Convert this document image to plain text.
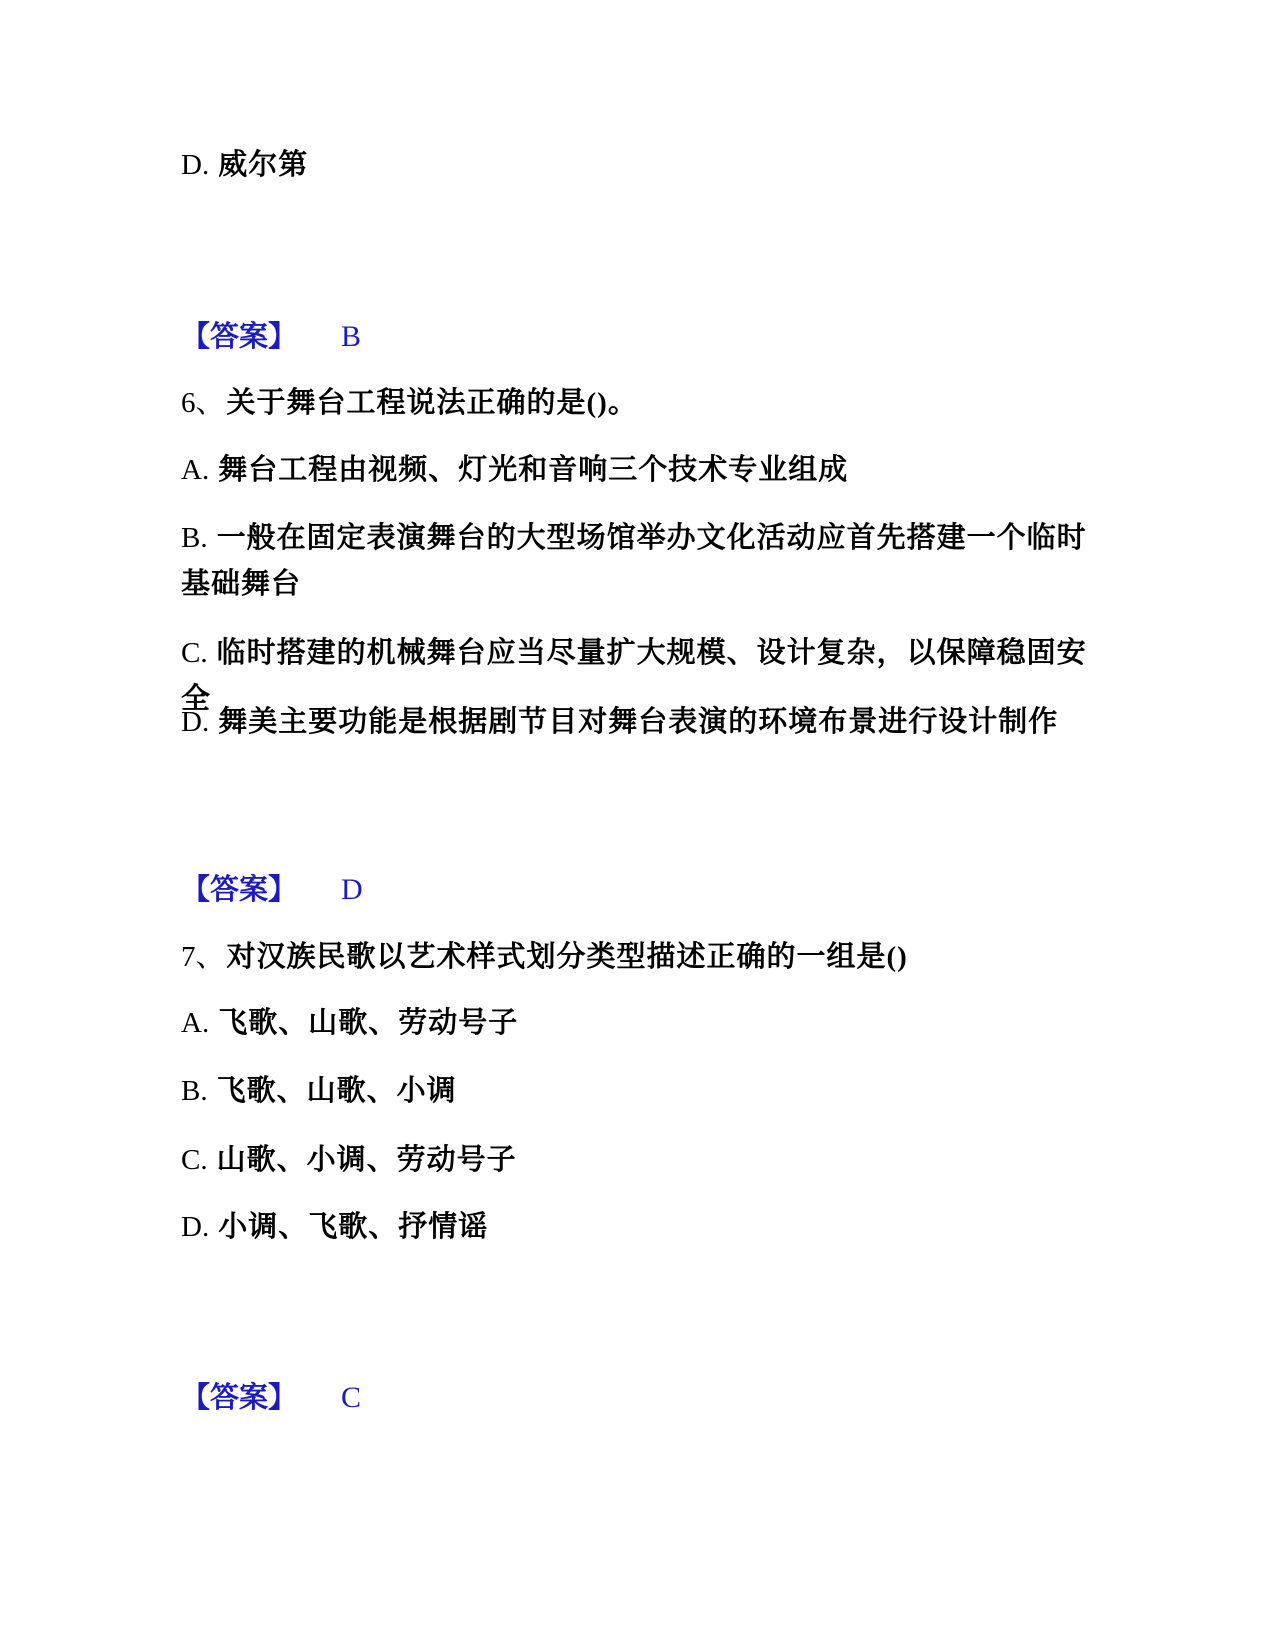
D. 威尔第
【答案】 B
6、关于舞台工程说法正确的是()。
A. 舞台工程由视频、灯光和音响三个技术专业组成
B. 一般在固定表演舞台的大型场馆举办文化活动应首先搭建一个临时基础舞台
C. 临时搭建的机械舞台应当尽量扩大规模、设计复杂，以保障稳固安全
D. 舞美主要功能是根据剧节目对舞台表演的环境布景进行设计制作
【答案】 D
7、对汉族民歌以艺术样式划分类型描述正确的一组是()
A. 飞歌、山歌、劳动号子
B. 飞歌、山歌、小调
C. 山歌、小调、劳动号子
D. 小调、飞歌、抒情谣
【答案】 C
